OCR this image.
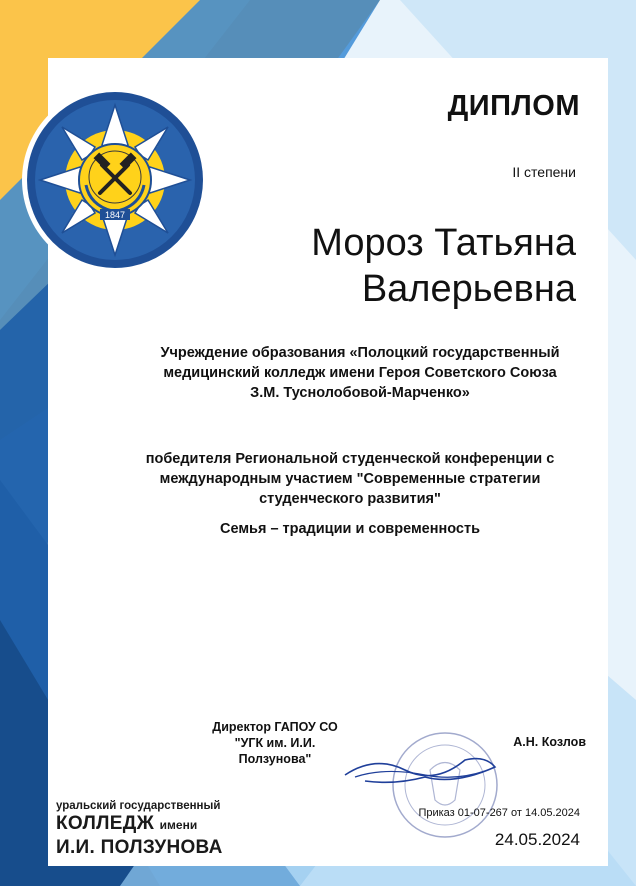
1847
ДИПЛОМ
II степени
Мороз Татьяна
Валерьевна
Учреждение образования «Полоцкий государственный
медицинский колледж имени Героя Советского Союза
З.М. Туснолобовой-Марченко»
победителя Региональной студенческой конференции с
международным участием "Современные стратегии
студенческого развития"
Семья – традиции и современность
Директор ГАПОУ СО
"УГК им. И.И.
Ползунова"
А.Н. Козлов
Приказ 01-07-267 от 14.05.2024
24.05.2024
уральский государственный
КОЛЛЕДЖ имени
И.И. ПОЛЗУНОВА
